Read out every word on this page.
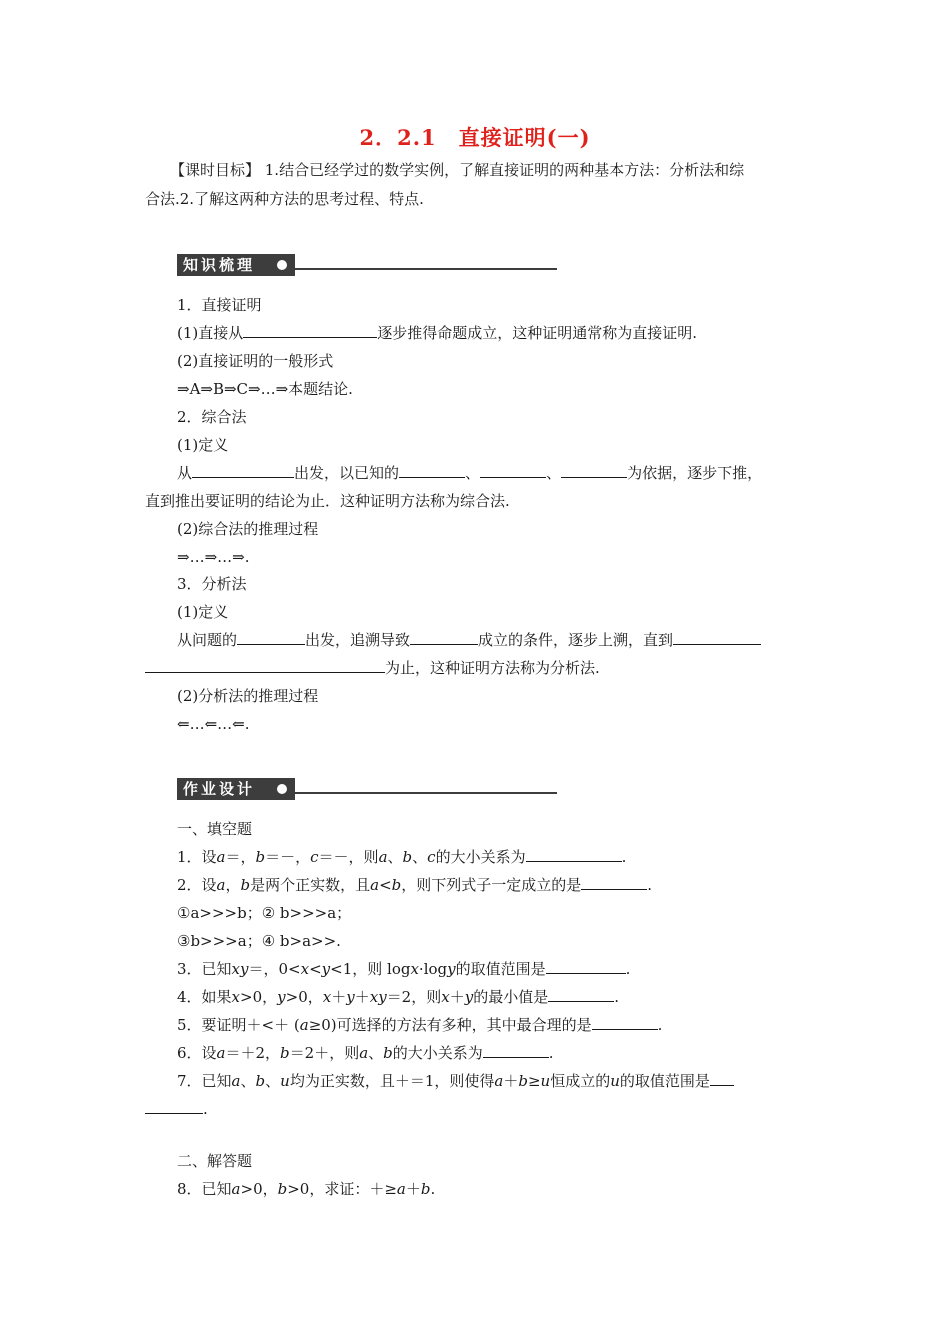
2．2.1 直接证明(一)
【课时目标】 1.结合已经学过的数学实例，了解直接证明的两种基本方法：分析法和综
合法.2.了解这两种方法的思考过程、特点.
知识梳理
1．直接证明
(1)直接从	逐步推得命题成立，这种证明通常称为直接证明.
(2)直接证明的一般形式
⇒A⇒B⇒C⇒…⇒本题结论.
2．综合法
(1)定义
从	出发，以已知的	、	、	为依据，逐步下推，
直到推出要证明的结论为止．这种证明方法称为综合法.
(2)综合法的推理过程
⇒…⇒…⇒.
3．分析法
(1)定义
从问题的	出发，追溯导致	成立的条件，逐步上溯，直到
为止，这种证明方法称为分析法.
(2)分析法的推理过程
⇐…⇐…⇐.
作业设计
一、填空题
1．设a＝，b＝－，c＝－，则a、b、c的大小关系为	.
2．设a，b是两个正实数，且a<b，则下列式子一定成立的是	.
①a>>>b；② b>>>a；
③b>>>a；④ b>a>>.
3．已知xy＝，0<x<y<1，则 logx·logy的取值范围是	.
4．如果x>0，y>0，x＋y＋xy＝2，则x＋y的最小值是	.
5．要证明＋<＋ (a≥0)可选择的方法有多种，其中最合理的是	.
6．设a＝＋2，b＝2＋，则a、b的大小关系为	.
7．已知a、b、u均为正实数，且＋＝1，则使得a＋b≥u恒成立的u的取值范围是
.
二、解答题
8．已知a>0，b>0，求证：＋≥a＋b.
